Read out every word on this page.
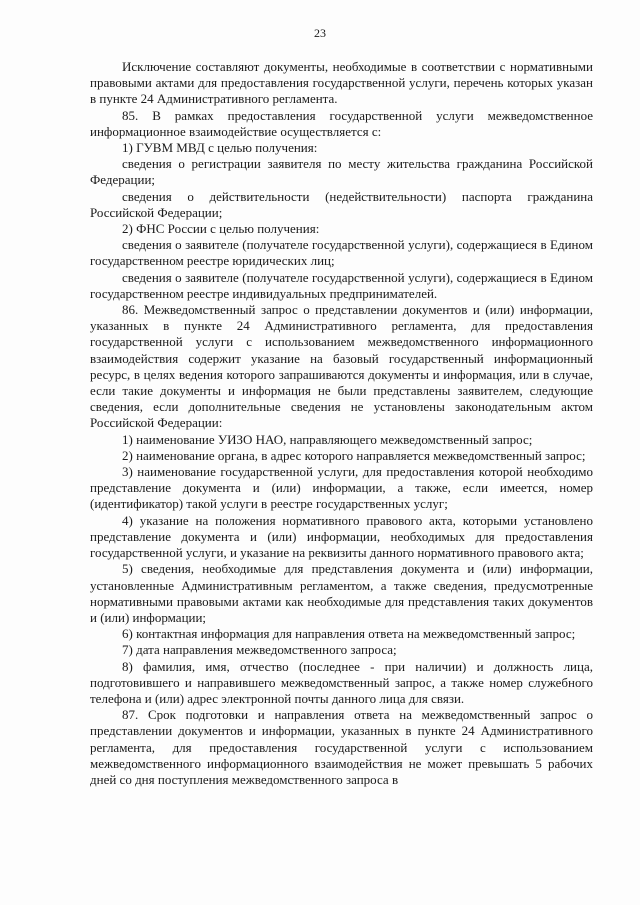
23

Исключение составляют документы, необходимые в соответствии с нормативными правовыми актами для предоставления государственной услуги, перечень которых указан в пункте 24 Административного регламента.

85. В рамках предоставления государственной услуги межведомственное информационное взаимодействие осуществляется с:

1) ГУВМ МВД с целью получения:

сведения о регистрации заявителя по месту жительства гражданина Российской Федерации;

сведения о действительности (недействительности) паспорта гражданина Российской Федерации;

2) ФНС России с целью получения:

сведения о заявителе (получателе государственной услуги), содержащиеся в Едином государственном реестре юридических лиц;

сведения о заявителе (получателе государственной услуги), содержащиеся в Едином государственном реестре индивидуальных предпринимателей.

86. Межведомственный запрос о представлении документов и (или) информации, указанных в пункте 24 Административного регламента, для предоставления государственной услуги с использованием межведомственного информационного взаимодействия содержит указание на базовый государственный информационный ресурс, в целях ведения которого запрашиваются документы и информация, или в случае, если такие документы и информация не были представлены заявителем, следующие сведения, если дополнительные сведения не установлены законодательным актом Российской Федерации:

1) наименование УИЗО НАО, направляющего межведомственный запрос;

2) наименование органа, в адрес которого направляется межведомственный запрос;

3) наименование государственной услуги, для предоставления которой необходимо представление документа и (или) информации, а также, если имеется, номер (идентификатор) такой услуги в реестре государственных услуг;

4) указание на положения нормативного правового акта, которыми установлено представление документа и (или) информации, необходимых для предоставления государственной услуги, и указание на реквизиты данного нормативного правового акта;

5) сведения, необходимые для представления документа и (или) информации, установленные Административным регламентом, а также сведения, предусмотренные нормативными правовыми актами как необходимые для представления таких документов и (или) информации;

6) контактная информация для направления ответа на межведомственный запрос;

7) дата направления межведомственного запроса;

8) фамилия, имя, отчество (последнее - при наличии) и должность лица, подготовившего и направившего межведомственный запрос, а также номер служебного телефона и (или) адрес электронной почты данного лица для связи.

87. Срок подготовки и направления ответа на межведомственный запрос о представлении документов и информации, указанных в пункте 24 Административного регламента, для предоставления государственной услуги с использованием межведомственного информационного взаимодействия не может превышать 5 рабочих дней со дня поступления межведомственного запроса в
